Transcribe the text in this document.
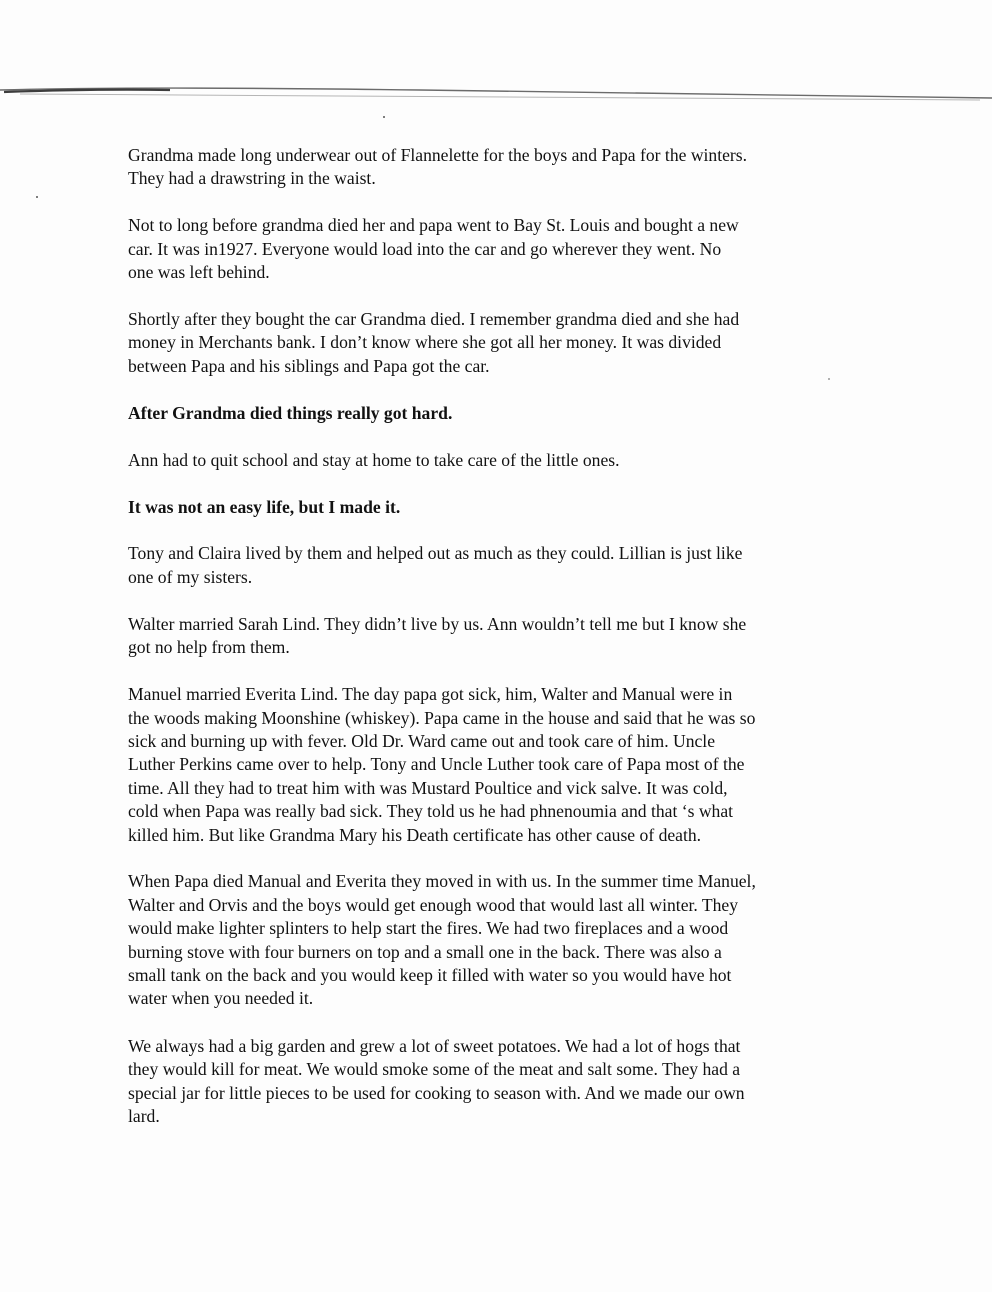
Grandma made long underwear out of Flannelette for the boys and Papa for the winters.
They had a drawstring in the waist.

Not to long before grandma died her and papa went to Bay St. Louis and bought a new
car. It was in1927. Everyone would load into the car and go wherever they went. No
one was left behind.

Shortly after they bought the car Grandma died. I remember grandma died and she had
money in Merchants bank. I don’t know where she got all her money. It was divided
between Papa and his siblings and Papa got the car.

After Grandma died things really got hard.

Ann had to quit school and stay at home to take care of the little ones.

It was not an easy life, but I made it.

Tony and Claira lived by them and helped out as much as they could. Lillian is just like
one of my sisters.

Walter married Sarah Lind. They didn’t live by us. Ann wouldn’t tell me but I know she
got no help from them.

Manuel married Everita Lind. The day papa got sick, him, Walter and Manual were in
the woods making Moonshine (whiskey). Papa came in the house and said that he was so
sick and burning up with fever. Old Dr. Ward came out and took care of him. Uncle
Luther Perkins came over to help. Tony and Uncle Luther took care of Papa most of the
time. All they had to treat him with was Mustard Poultice and vick salve. It was cold,
cold when Papa was really bad sick. They told us he had phnenoumia and that ‘s what
killed him. But like Grandma Mary his Death certificate has other cause of death.

When Papa died Manual and Everita they moved in with us. In the summer time Manuel,
Walter and Orvis and the boys would get enough wood that would last all winter. They
would make lighter splinters to help start the fires. We had two fireplaces and a wood
burning stove with four burners on top and a small one in the back. There was also a
small tank on the back and you would keep it filled with water so you would have hot
water when you needed it.

We always had a big garden and grew a lot of sweet potatoes. We had a lot of hogs that
they would kill for meat. We would smoke some of the meat and salt some. They had a
special jar for little pieces to be used for cooking to season with. And we made our own
lard.
